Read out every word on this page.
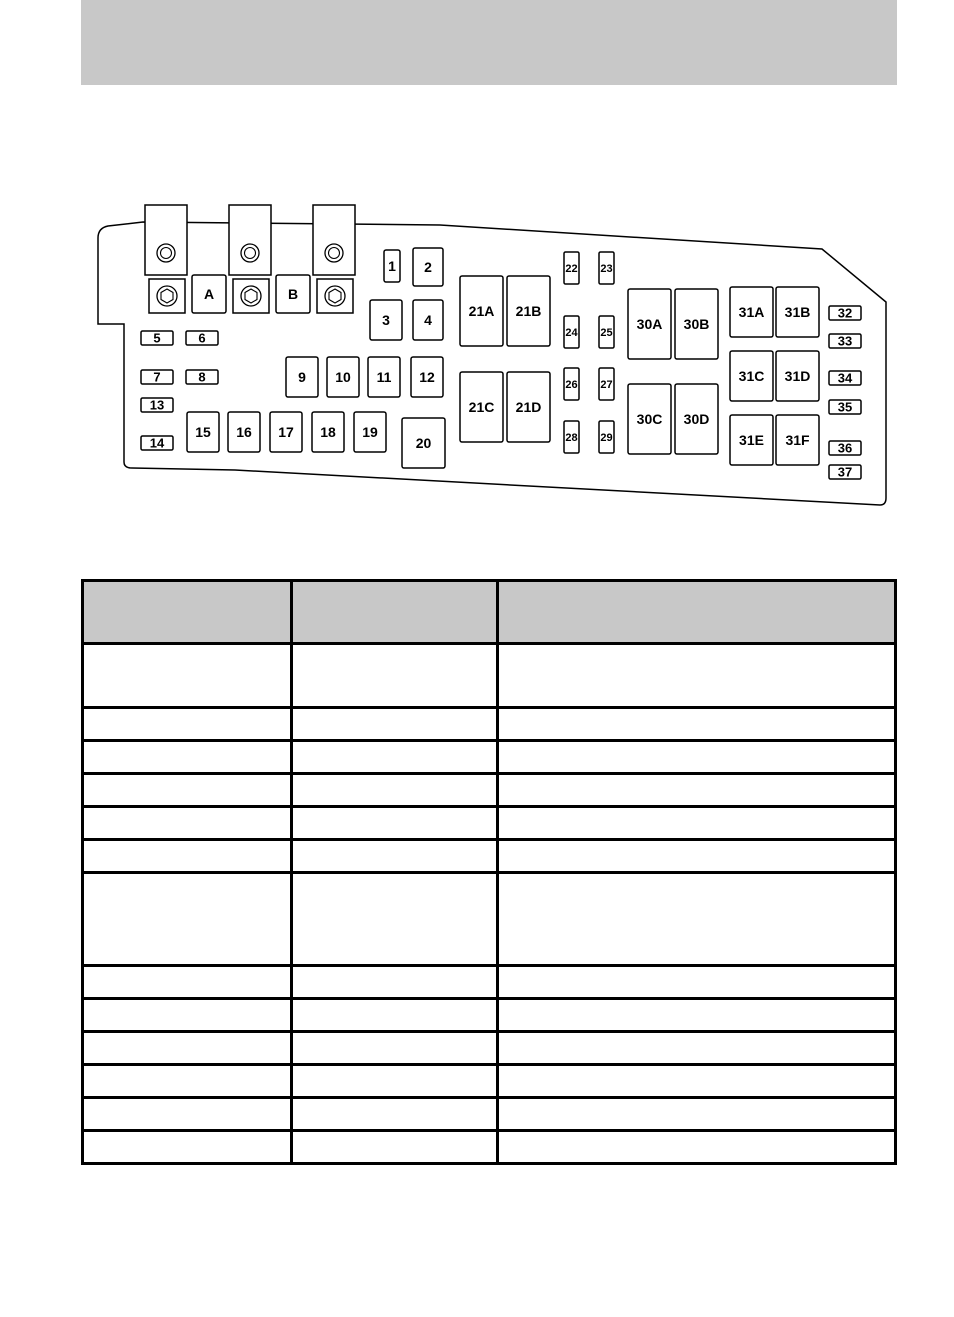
A	B
5	6
7	8
13
14
1 2
3 4
9 10 11 12
15 16 17 18 19
20
21A 21B
21C 21D
22 23
24 25
26 27
28 29
30A 30B
30C 30D
31A 31B
31C 31D
31E 31F
32
33
34
35
36
37
